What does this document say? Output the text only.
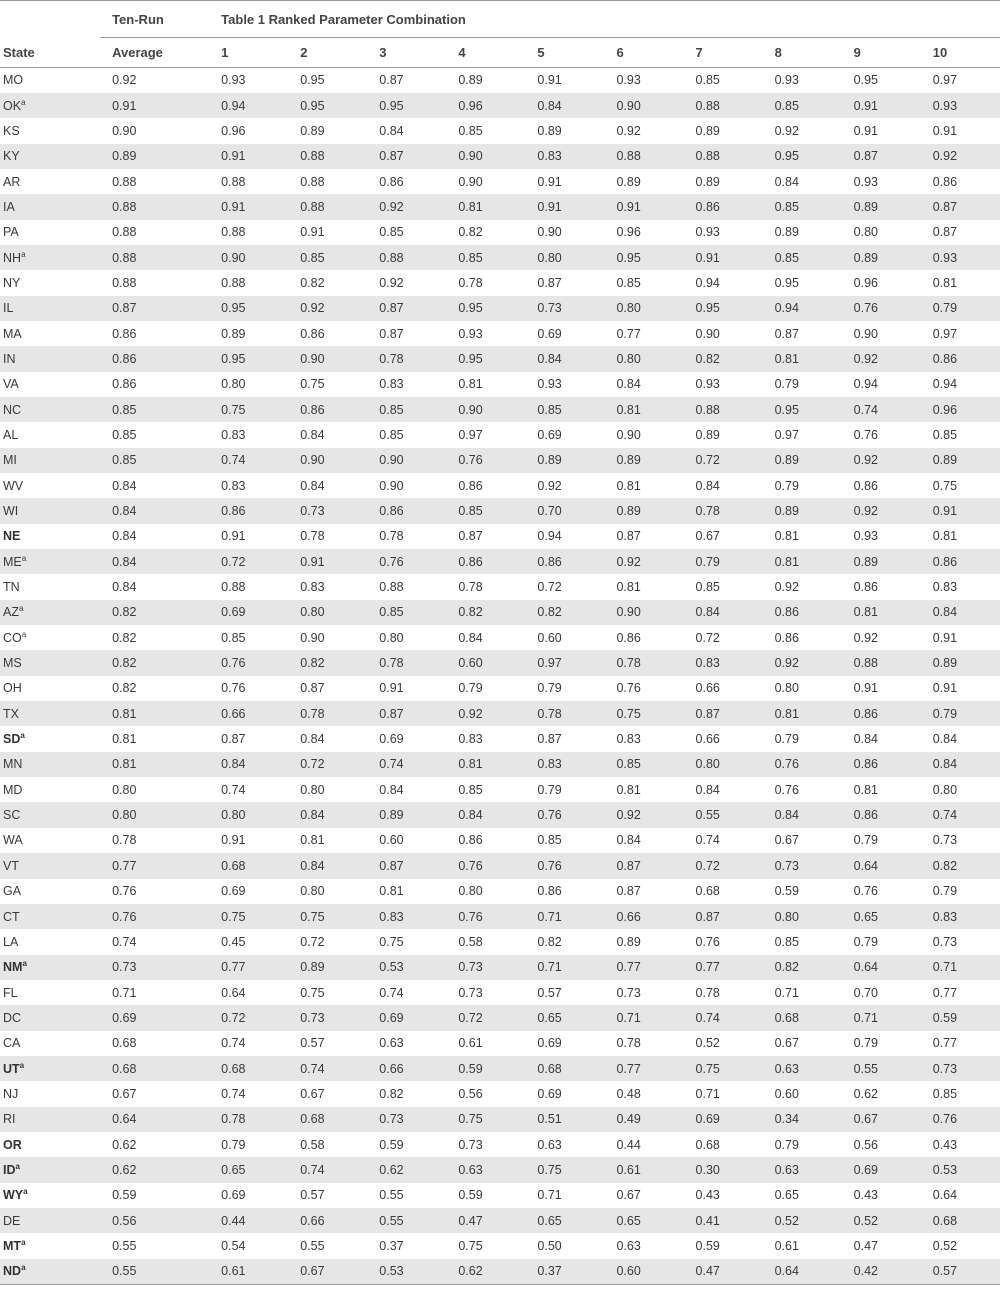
	Ten-Run	Table 1 Ranked Parameter Combination									
State	Average	1	2	3	4	5	6	7	8	9	10
MO	0.92	0.93	0.95	0.87	0.89	0.91	0.93	0.85	0.93	0.95	0.97
$OK^a$	0.91	0.94	0.95	0.95	0.96	0.84	0.90	0.88	0.85	0.91	0.93
KS	0.90	0.96	0.89	0.84	0.85	0.89	0.92	0.89	0.92	0.91	0.91
KY	0.89	0.91	0.88	0.87	0.90	0.83	0.88	0.88	0.95	0.87	0.92
AR	0.88	0.88	0.88	0.86	0.90	0.91	0.89	0.89	0.84	0.93	0.86
IA	0.88	0.91	0.88	0.92	0.81	0.91	0.91	0.86	0.85	0.89	0.87
PA	0.88	0.88	0.91	0.85	0.82	0.90	0.96	0.93	0.89	0.80	0.87
$NH^a$	0.88	0.90	0.85	0.88	0.85	0.80	0.95	0.91	0.85	0.89	0.93
NY	0.88	0.88	0.82	0.92	0.78	0.87	0.85	0.94	0.95	0.96	0.81
IL	0.87	0.95	0.92	0.87	0.95	0.73	0.80	0.95	0.94	0.76	0.79
MA	0.86	0.89	0.86	0.87	0.93	0.69	0.77	0.90	0.87	0.90	0.97
IN	0.86	0.95	0.90	0.78	0.95	0.84	0.80	0.82	0.81	0.92	0.86
VA	0.86	0.80	0.75	0.83	0.81	0.93	0.84	0.93	0.79	0.94	0.94
NC	0.85	0.75	0.86	0.85	0.90	0.85	0.81	0.88	0.95	0.74	0.96
AL	0.85	0.83	0.84	0.85	0.97	0.69	0.90	0.89	0.97	0.76	0.85
MI	0.85	0.74	0.90	0.90	0.76	0.89	0.89	0.72	0.89	0.92	0.89
WV	0.84	0.83	0.84	0.90	0.86	0.92	0.81	0.84	0.79	0.86	0.75
WI	0.84	0.86	0.73	0.86	0.85	0.70	0.89	0.78	0.89	0.92	0.91
NE	0.84	0.91	0.78	0.78	0.87	0.94	0.87	0.67	0.81	0.93	0.81
$ME^a$	0.84	0.72	0.91	0.76	0.86	0.86	0.92	0.79	0.81	0.89	0.86
TN	0.84	0.88	0.83	0.88	0.78	0.72	0.81	0.85	0.92	0.86	0.83
$AZ^a$	0.82	0.69	0.80	0.85	0.82	0.82	0.90	0.84	0.86	0.81	0.84
$CO^a$	0.82	0.85	0.90	0.80	0.84	0.60	0.86	0.72	0.86	0.92	0.91
MS	0.82	0.76	0.82	0.78	0.60	0.97	0.78	0.83	0.92	0.88	0.89
OH	0.82	0.76	0.87	0.91	0.79	0.79	0.76	0.66	0.80	0.91	0.91
TX	0.81	0.66	0.78	0.87	0.92	0.78	0.75	0.87	0.81	0.86	0.79
$SD^a$	0.81	0.87	0.84	0.69	0.83	0.87	0.83	0.66	0.79	0.84	0.84
MN	0.81	0.84	0.72	0.74	0.81	0.83	0.85	0.80	0.76	0.86	0.84
MD	0.80	0.74	0.80	0.84	0.85	0.79	0.81	0.84	0.76	0.81	0.80
SC	0.80	0.80	0.84	0.89	0.84	0.76	0.92	0.55	0.84	0.86	0.74
WA	0.78	0.91	0.81	0.60	0.86	0.85	0.84	0.74	0.67	0.79	0.73
VT	0.77	0.68	0.84	0.87	0.76	0.76	0.87	0.72	0.73	0.64	0.82
GA	0.76	0.69	0.80	0.81	0.80	0.86	0.87	0.68	0.59	0.76	0.79
CT	0.76	0.75	0.75	0.83	0.76	0.71	0.66	0.87	0.80	0.65	0.83
LA	0.74	0.45	0.72	0.75	0.58	0.82	0.89	0.76	0.85	0.79	0.73
$NM^a$	0.73	0.77	0.89	0.53	0.73	0.71	0.77	0.77	0.82	0.64	0.71
FL	0.71	0.64	0.75	0.74	0.73	0.57	0.73	0.78	0.71	0.70	0.77
DC	0.69	0.72	0.73	0.69	0.72	0.65	0.71	0.74	0.68	0.71	0.59
CA	0.68	0.74	0.57	0.63	0.61	0.69	0.78	0.52	0.67	0.79	0.77
$UT^a$	0.68	0.68	0.74	0.66	0.59	0.68	0.77	0.75	0.63	0.55	0.73
NJ	0.67	0.74	0.67	0.82	0.56	0.69	0.48	0.71	0.60	0.62	0.85
RI	0.64	0.78	0.68	0.73	0.75	0.51	0.49	0.69	0.34	0.67	0.76
OR	0.62	0.79	0.58	0.59	0.73	0.63	0.44	0.68	0.79	0.56	0.43
$ID^a$	0.62	0.65	0.74	0.62	0.63	0.75	0.61	0.30	0.63	0.69	0.53
$WY^a$	0.59	0.69	0.57	0.55	0.59	0.71	0.67	0.43	0.65	0.43	0.64
DE	0.56	0.44	0.66	0.55	0.47	0.65	0.65	0.41	0.52	0.52	0.68
$MT^a$	0.55	0.54	0.55	0.37	0.75	0.50	0.63	0.59	0.61	0.47	0.52
$ND^a$	0.55	0.61	0.67	0.53	0.62	0.37	0.60	0.47	0.64	0.42	0.57
